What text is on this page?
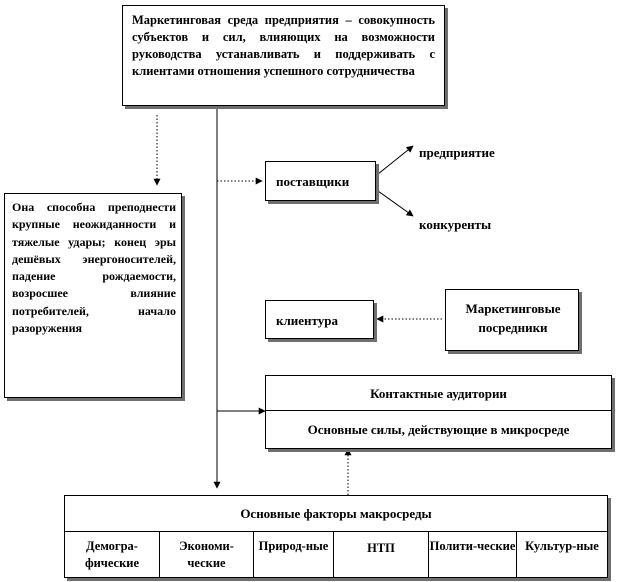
Маркетинговая среда предприятия – совокупность субъектов и сил, влияющих на возможности руководства устанавливать и поддерживать с клиентами отношения успешного сотрудничества
Она способна преподнести крупные неожиданности и тяжелые удары; конец эры дешёвых энергоносителей, падение рождаемости, возросшее влияние потребителей, начало разоружения
поставщики
предприятие
конкуренты
клиентура
Маркетинговые посредники
Контактные аудитории
Основные силы, действующие в микросреде
Основные факторы макросреды
Демогра-фические
Экономи-ческие
Природ-ные	НТП	Полити-ческие Культур-ные
